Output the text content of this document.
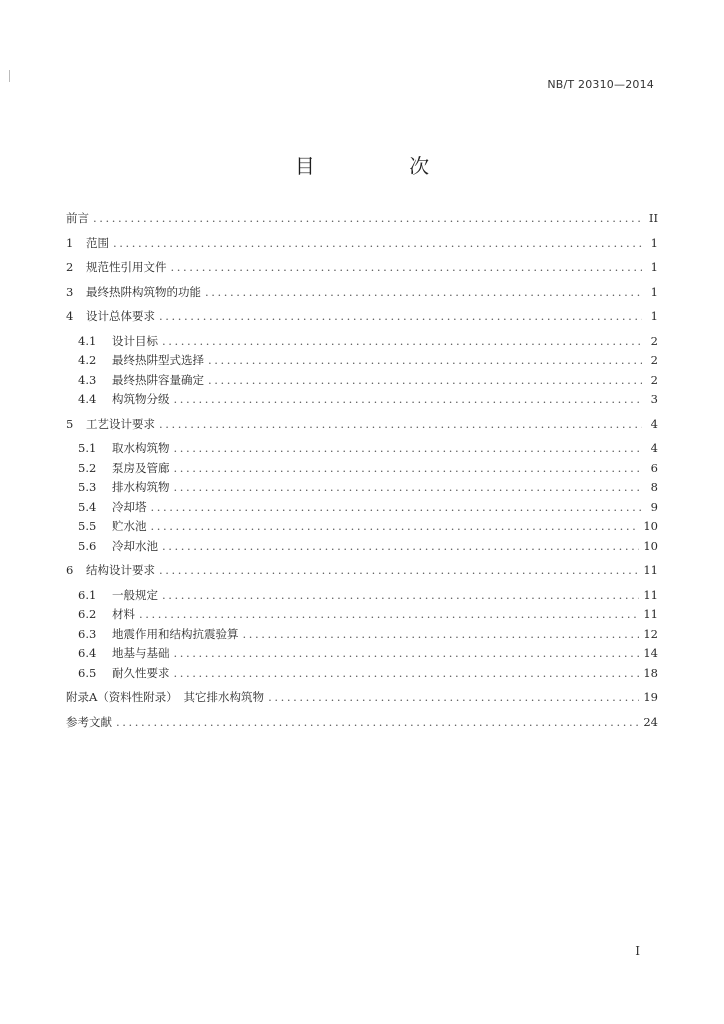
NB/T 20310—2014
目 次
前言 .....	II
1	范围 .....	1
2	规范性引用文件 .....	1
3	最终热阱构筑物的功能 .....	1
4	设计总体要求 .....	1
4.1	设计目标 .....	2
4.2	最终热阱型式选择 .....	2
4.3	最终热阱容量确定 .....	2
4.4	构筑物分级 .....	3
5	工艺设计要求 .....	4
5.1	取水构筑物 .....	4
5.2	泵房及管廊 .....	6
5.3	排水构筑物 .....	8
5.4	冷却塔 .....	9
5.5	贮水池 .....	10
5.6	冷却水池 .....	10
6	结构设计要求 .....	11
6.1	一般规定 .....	11
6.2	材料 .....	11
6.3	地震作用和结构抗震验算 .....	12
6.4	地基与基础 .....	14
6.5	耐久性要求 .....	18
附录A（资料性附录）　其它排水构筑物 .....	19
参考文献 .....	24
I
